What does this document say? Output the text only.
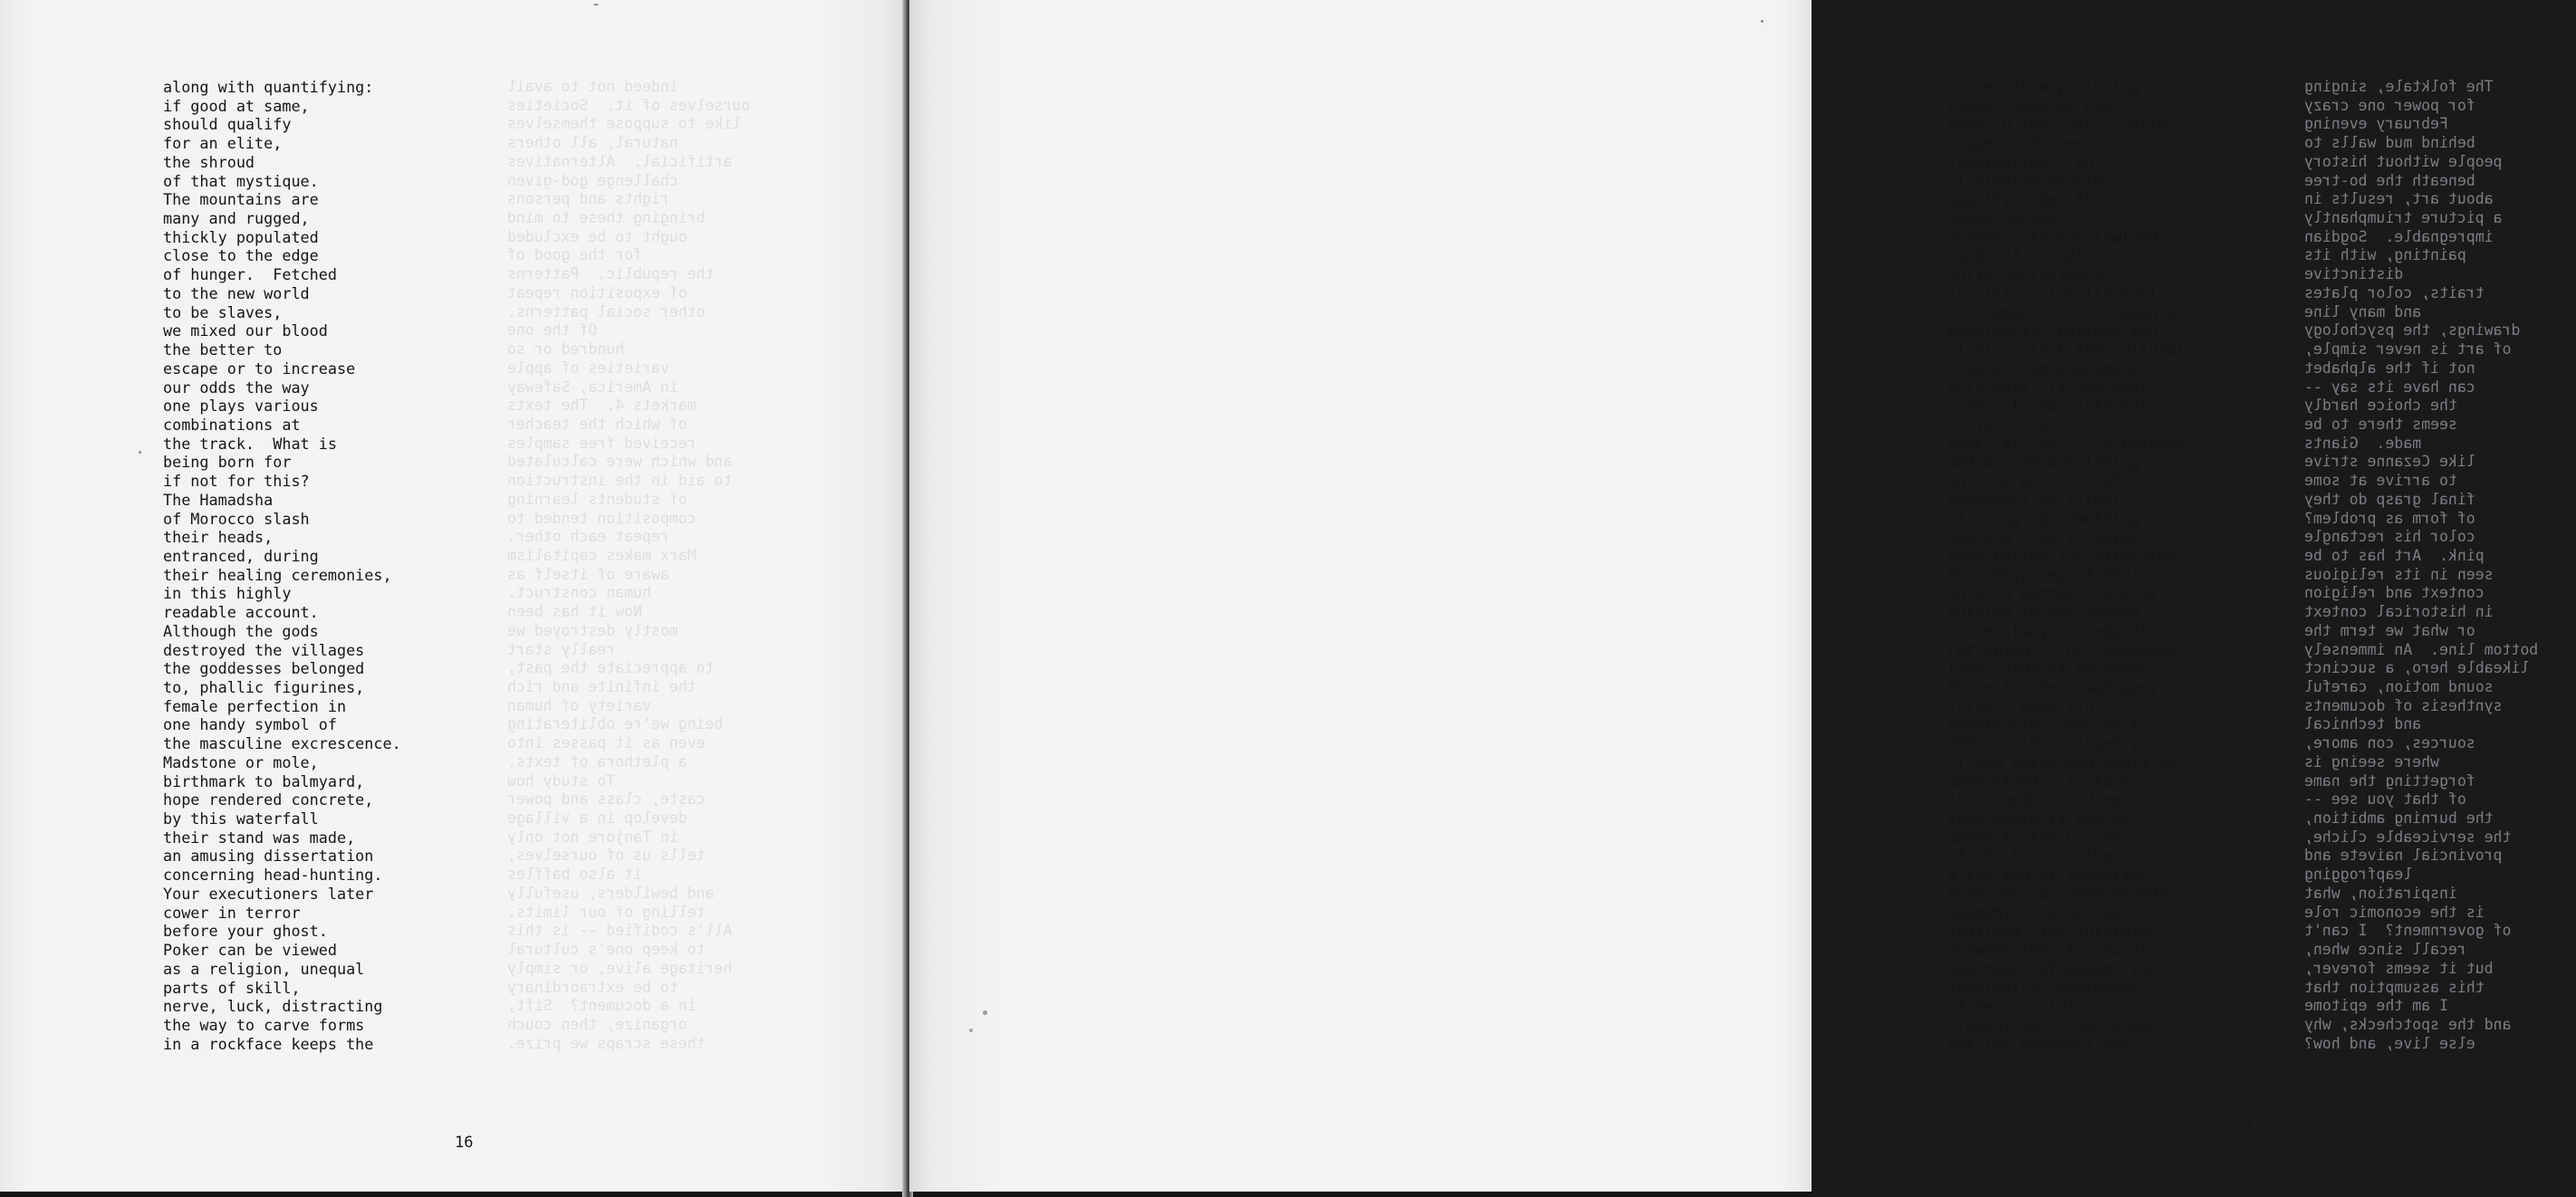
indeed not to avail
ourselves of it.  Societies
like to suppose themselves
natural, all others
artificial.  Alternatives
challenge god-given
rights and persons
bringing these to mind
ought to be excluded
for the good of
the republic.  Patterns
of exposition repeat
other social patterns.
Of the one
hundred or so
varieties of apple
in America, Safeway
markets 4.  The texts
of which the teacher
received free samples
and which were calculated
to aid in the instruction
of students learning
composition tended to
repeat each other.
Marx makes capitalism
aware of itself as
human construct.
Now it has been
mostly destroyed we
really start
to appreciate the past,
the infinite and rich
variety of human
being we're obliterating
even as it passes into
a plethora of texts.
To study how
caste, class and power
develop in a village
in Tanjore not only
tells us of ourselves,
it also baffles
and bewilders, usefully
telling of our limits.
All's codified -- is this
to keep one's cultural
heritage alive, or simply
to be extraordinary
in a document?  Sift,
organize, then couch
these scraps we prize.
along with quantifying:
if good at same,
should qualify
for an elite,
the shroud
of that mystique.
The mountains are
many and rugged,
thickly populated
close to the edge
of hunger.  Fetched
to the new world
to be slaves,
we mixed our blood
the better to
escape or to increase
our odds the way
one plays various
combinations at
the track.  What is
being born for
if not for this?
The Hamadsha
of Morocco slash
their heads,
entranced, during
their healing ceremonies,
in this highly
readable account.
Although the gods
destroyed the villages
the goddesses belonged
to, phallic figurines,
female perfection in
one handy symbol of
the masculine excrescence.
Madstone or mole,
birthmark to balmyard,
hope rendered concrete,
by this waterfall
their stand was made,
an amusing dissertation
concerning head-hunting.
Your executioners later
cower in terror
before your ghost.
Poker can be viewed
as a religion, unequal
parts of skill,
nerve, luck, distracting
the way to carve forms
in a rockface keeps the
16
The folktale, singing
for power one crazy
February evening
behind mud walls to
people without history
beneath the bo-tree
about art, results in
a picture triumphantly
impregnable.  Sogdian
painting, with its
distinctive
traits, color plates
and many line
drawings, the psychology
of art is never simple,
not if the alphabet
can have its say --
the choice hardly
seems there to be
made.  Giants
like Cezanne strive
to arrive at some
final grasp do they
of form as problem?
color his rectangle
pink.  Art has to be
seen in its religious
context and religion
in historical context
or what we term the
bottom line.  An immensely
likeable hero, a succinct
sound motion, careful
synthesis of documents
and technical
sources, con amore,
where seeing is
forgetting the name
of that you see --
the burning ambition,
the serviceable cliche,
provincial naivete and
leapfrogging
inspiration, what
is the economic role
of government?  I can't
recall since when,
but it seems forever,
this assumption that
I am the epitome
and the spotchecks, why
else live, and how?
carver from picturing
catastrophe he can't
keep in the rock.  Solid
nuggets of some
fascination.  An
eliminated people
qualify under the
Dewey decimal
system.  In the lowlands
bands of anomalous
Christ-worshipers --
in cities, intellectual
excitements -- in Japan's
megalopoli, moxibustion
clinics, lock the cultural
thesis.  An anonymous
Asia says, If you must
restrict your interest
to just one
book, try this.  A husband
and a wife are laying
out the politics of
reproductive ritual,
stirring up something
new and lively, maybe
that better job affording
the offspring of their
union a better crack at
turning things around,
or leastways an education in
reframing.  The Lacadones,
last lords of Palenque,
there in their mahogany
forest, beautiful,
remarkable, reduced to
250, wouldn't thank you
if you asked and could be
understood.  In fact
isn't understanding,
save where it can be
demonstrated by use
of the tool, rather
a feeling or sensation
that one has understood?
Meanwhile in northern
Thailand, the interplay
between the structural
dominance of women, the
ideological dominance
of men, vividly
brought out, challenges
earlier perspectives.
17
